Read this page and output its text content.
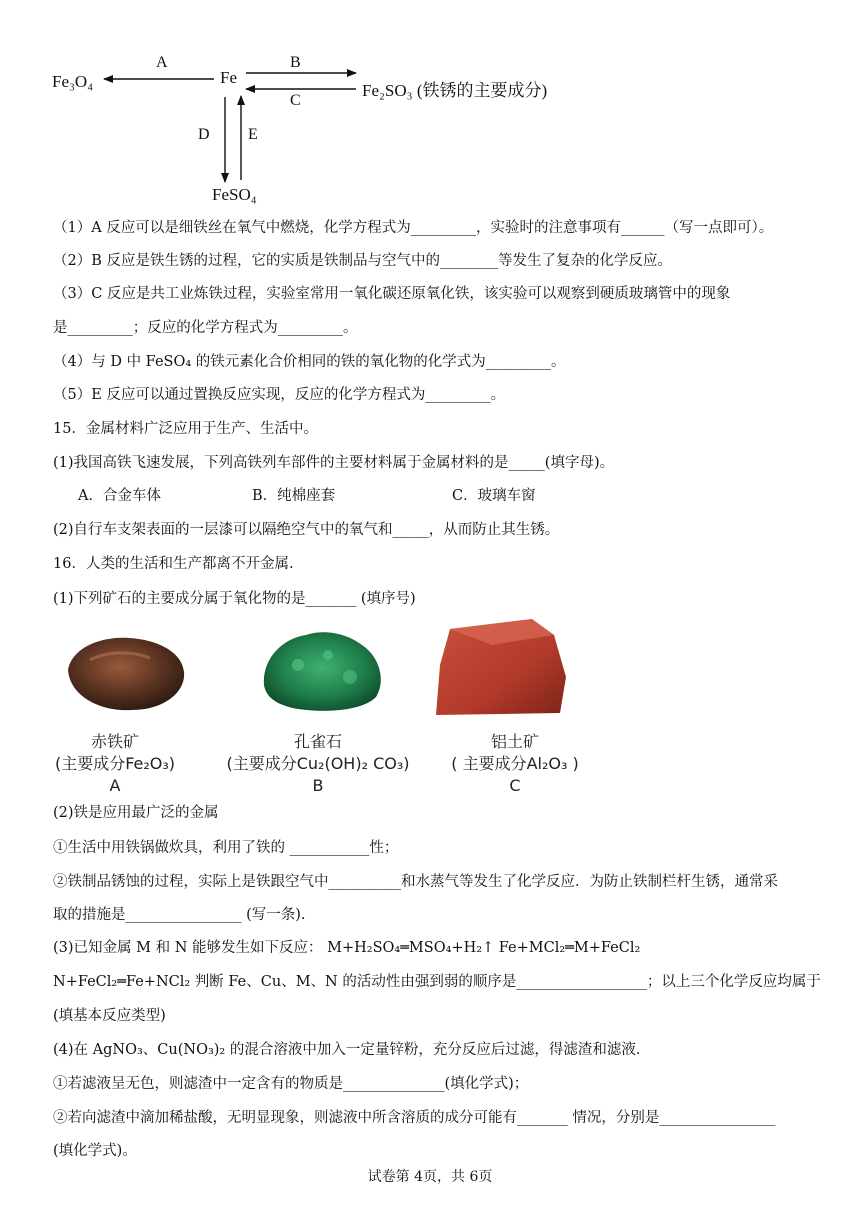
Fe₃O₄	Fe
Fe₂SO₃ (铁锈的主要成分)
FeSO₄
A	B
C
D E
（1）A 反应可以是细铁丝在氧气中燃烧，化学方程式为_________，实验时的注意事项有______（写一点即可）。
（2）B 反应是铁生锈的过程，它的实质是铁制品与空气中的________等发生了复杂的化学反应。
（3）C 反应是共工业炼铁过程，实验室常用一氧化碳还原氧化铁，该实验可以观察到硬质玻璃管中的现象
是_________；反应的化学方程式为_________。
（4）与 D 中 FeSO₄ 的铁元素化合价相同的铁的氧化物的化学式为_________。
（5）E 反应可以通过置换反应实现，反应的化学方程式为_________。
15．金属材料广泛应用于生产、生活中。
(1)我国高铁飞速发展，下列高铁列车部件的主要材料属于金属材料的是_____(填字母)。
A．合金车体	B．纯棉座套	C．玻璃车窗
(2)自行车支架表面的一层漆可以隔绝空气中的氧气和_____，从而防止其生锈。
16．人类的生活和生产都离不开金属.
(1)下列矿石的主要成分属于氧化物的是_______ (填序号)
赤铁矿
(主要成分Fe₂O₃)
A
孔雀石
(主要成分Cu₂(OH)₂ CO₃)
B
铝土矿
( 主要成分Al₂O₃ )
C
(2)铁是应用最广泛的金属
①生活中用铁锅做炊具，利用了铁的 ___________性；
②铁制品锈蚀的过程，实际上是铁跟空气中__________和水蒸气等发生了化学反应．为防止铁制栏杆生锈，通常采
取的措施是________________ (写一条).
(3)已知金属 M 和 N 能够发生如下反应： M+H₂SO₄═MSO₄+H₂↑ Fe+MCl₂═M+FeCl₂
N+FeCl₂═Fe+NCl₂ 判断 Fe、Cu、M、N 的活动性由强到弱的顺序是__________________；以上三个化学反应均属于
(填基本反应类型)
(4)在 AgNO₃、Cu(NO₃)₂ 的混合溶液中加入一定量锌粉，充分反应后过滤，得滤渣和滤液．
①若滤液呈无色，则滤渣中一定含有的物质是______________(填化学式)；
②若向滤渣中滴加稀盐酸，无明显现象，则滤液中所含溶质的成分可能有_______ 情况，分别是________________
(填化学式)。
试卷第 4页，共 6页
